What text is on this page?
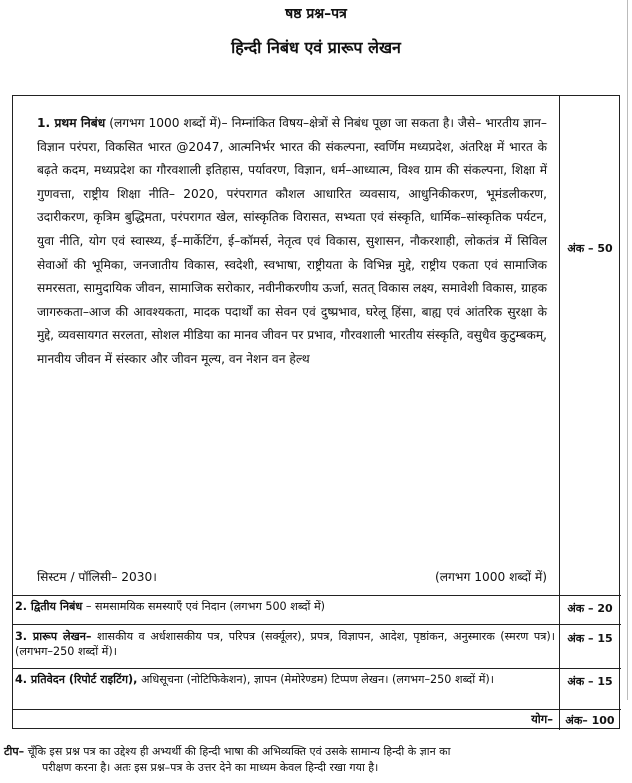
षष्ठ प्रश्न–पत्र
हिन्दी निबंध एवं प्रारूप लेखन
1. प्रथम निबंध (लगभग 1000 शब्दों में)– निम्नांकित विषय–क्षेत्रों से निबंध पूछा जा सकता है। जैसे– भारतीय ज्ञान–विज्ञान परंपरा, विकसित भारत @2047, आत्मनिर्भर भारत की संकल्पना, स्वर्णिम मध्यप्रदेश, अंतरिक्ष में भारत के बढ़ते कदम, मध्यप्रदेश का गौरवशाली इतिहास, पर्यावरण, विज्ञान, धर्म–आध्यात्म, विश्व ग्राम की संकल्पना, शिक्षा में गुणवत्ता, राष्ट्रीय शिक्षा नीति– 2020, परंपरागत कौशल आधारित व्यवसाय, आधुनिकीकरण, भूमंडलीकरण, उदारीकरण, कृत्रिम बुद्धिमता, परंपरागत खेल, सांस्कृतिक विरासत, सभ्यता एवं संस्कृति, धार्मिक–सांस्कृतिक पर्यटन, युवा नीति, योग एवं स्वास्थ्य, ई–मार्केटिंग, ई–कॉमर्स, नेतृत्व एवं विकास, सुशासन, नौकरशाही, लोकतंत्र में सिविल सेवाओं की भूमिका, जनजातीय विकास, स्वदेशी, स्वभाषा, राष्ट्रीयता के विभिन्न मुद्दे, राष्ट्रीय एकता एवं सामाजिक समरसता, सामुदायिक जीवन, सामाजिक सरोकार, नवीनीकरणीय ऊर्जा, सतत् विकास लक्ष्य, समावेशी विकास, ग्राहक जागरुकता–आज की आवश्यकता, मादक पदार्थों का सेवन एवं दुष्प्रभाव, घरेलू हिंसा, बाह्य एवं आंतरिक सुरक्षा के मुद्दे, व्यवसायगत सरलता, सोशल मीडिया का मानव जीवन पर प्रभाव, गौरवशाली भारतीय संस्कृति, वसुधैव कुटुम्बकम्, मानवीय जीवन में संस्कार और जीवन मूल्य, वन नेशन वन हेल्थ
सिस्टम / पॉलिसी– 2030।	(लगभग 1000 शब्दों में)
अंक – 50
2. द्वितीय निबंध – समसामयिक समस्याएँ एवं निदान (लगभग 500 शब्दों में)	अंक – 20
3. प्रारूप लेखन– शासकीय व अर्धशासकीय पत्र, परिपत्र (सर्क्यूलर), प्रपत्र, विज्ञापन, आदेश, पृष्ठांकन, अनुस्मारक (स्मरण पत्र)। (लगभग–250 शब्दों में)।
अंक – 15
4. प्रतिवेदन (रिपोर्ट राइटिंग), अधिसूचना (नोटिफिकेशन), ज्ञापन (मेमोरेण्डम) टिप्पण लेखन। (लगभग–250 शब्दों में)।	अंक – 15
योग–	अंक– 100
टीप– चूँकि इस प्रश्न पत्र का उद्देश्य ही अभ्यर्थी की हिन्दी भाषा की अभिव्यक्ति एवं उसके सामान्य हिन्दी के ज्ञान का
परीक्षण करना है। अतः इस प्रश्न–पत्र के उत्तर देने का माध्यम केवल हिन्दी रखा गया है।
